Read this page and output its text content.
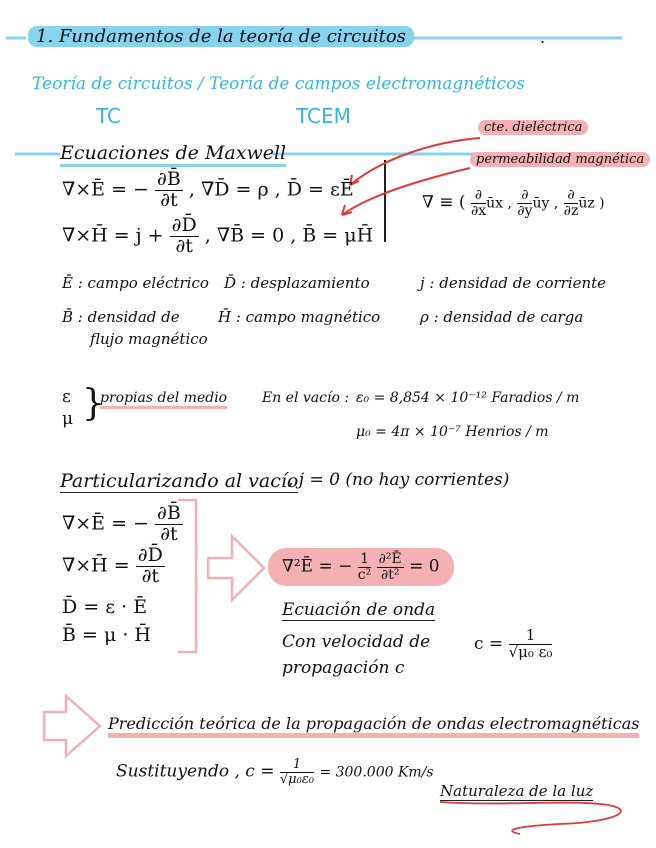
1. Fundamentos de la teoría de circuitos	.
Teoría de circuitos / Teoría de campos electromagnéticos
TC	TCEM
Ecuaciones de Maxwell
cte. dieléctrica
permeabilidad magnética
∇×Ē = − $\frac{\partial B̄}{\partial t}$ , ∇D̄ = ρ , D̄ = εĒ
∇×H̄ = $j + \frac{\partial D̄}{\partial t}$ , ∇B̄ = 0 , B̄ = μH̄
∇ ≡ ( $\frac{\partial}{\partial x}$ ūx , $\frac{\partial}{\partial y}$ ūy , $\frac{\partial}{\partial z}$ ūz )
Ē : campo eléctrico D̄ : desplazamiento	j : densidad de corriente
B̄ : densidad de
flujo magnético
H̄ : campo magnético	ρ : densidad de carga
ε
μ }
propias del medio En el vacío : ε₀ = 8,854 × 10⁻¹² Faradios / m
μ₀ = 4π × 10⁻⁷ Henrios / m
Particularizando al vacío
, j = 0 (no hay corrientes)
∇×Ē = − $\frac{\partial B̄}{\partial t}$
∇×H̄ = $\frac{\partial D̄}{\partial t}$
D̄ = ε · Ē
B̄ = μ · H̄
∇²Ē = − $\frac{1}{\text{c²}}$
$\frac{\text{∂²Ē}}{\text{∂t²}} = 0$
Ecuación de onda
Con velocidad de
propagación c
$c = \frac{1}{\text{√μ₀ ε₀}}$
Predicción teórica de la propagación de ondas electromagnéticas
Sustituyendo , $c = \frac{1}{\text{√μ₀ε₀}} = 300.000$ Km/s
Naturaleza de la luz
